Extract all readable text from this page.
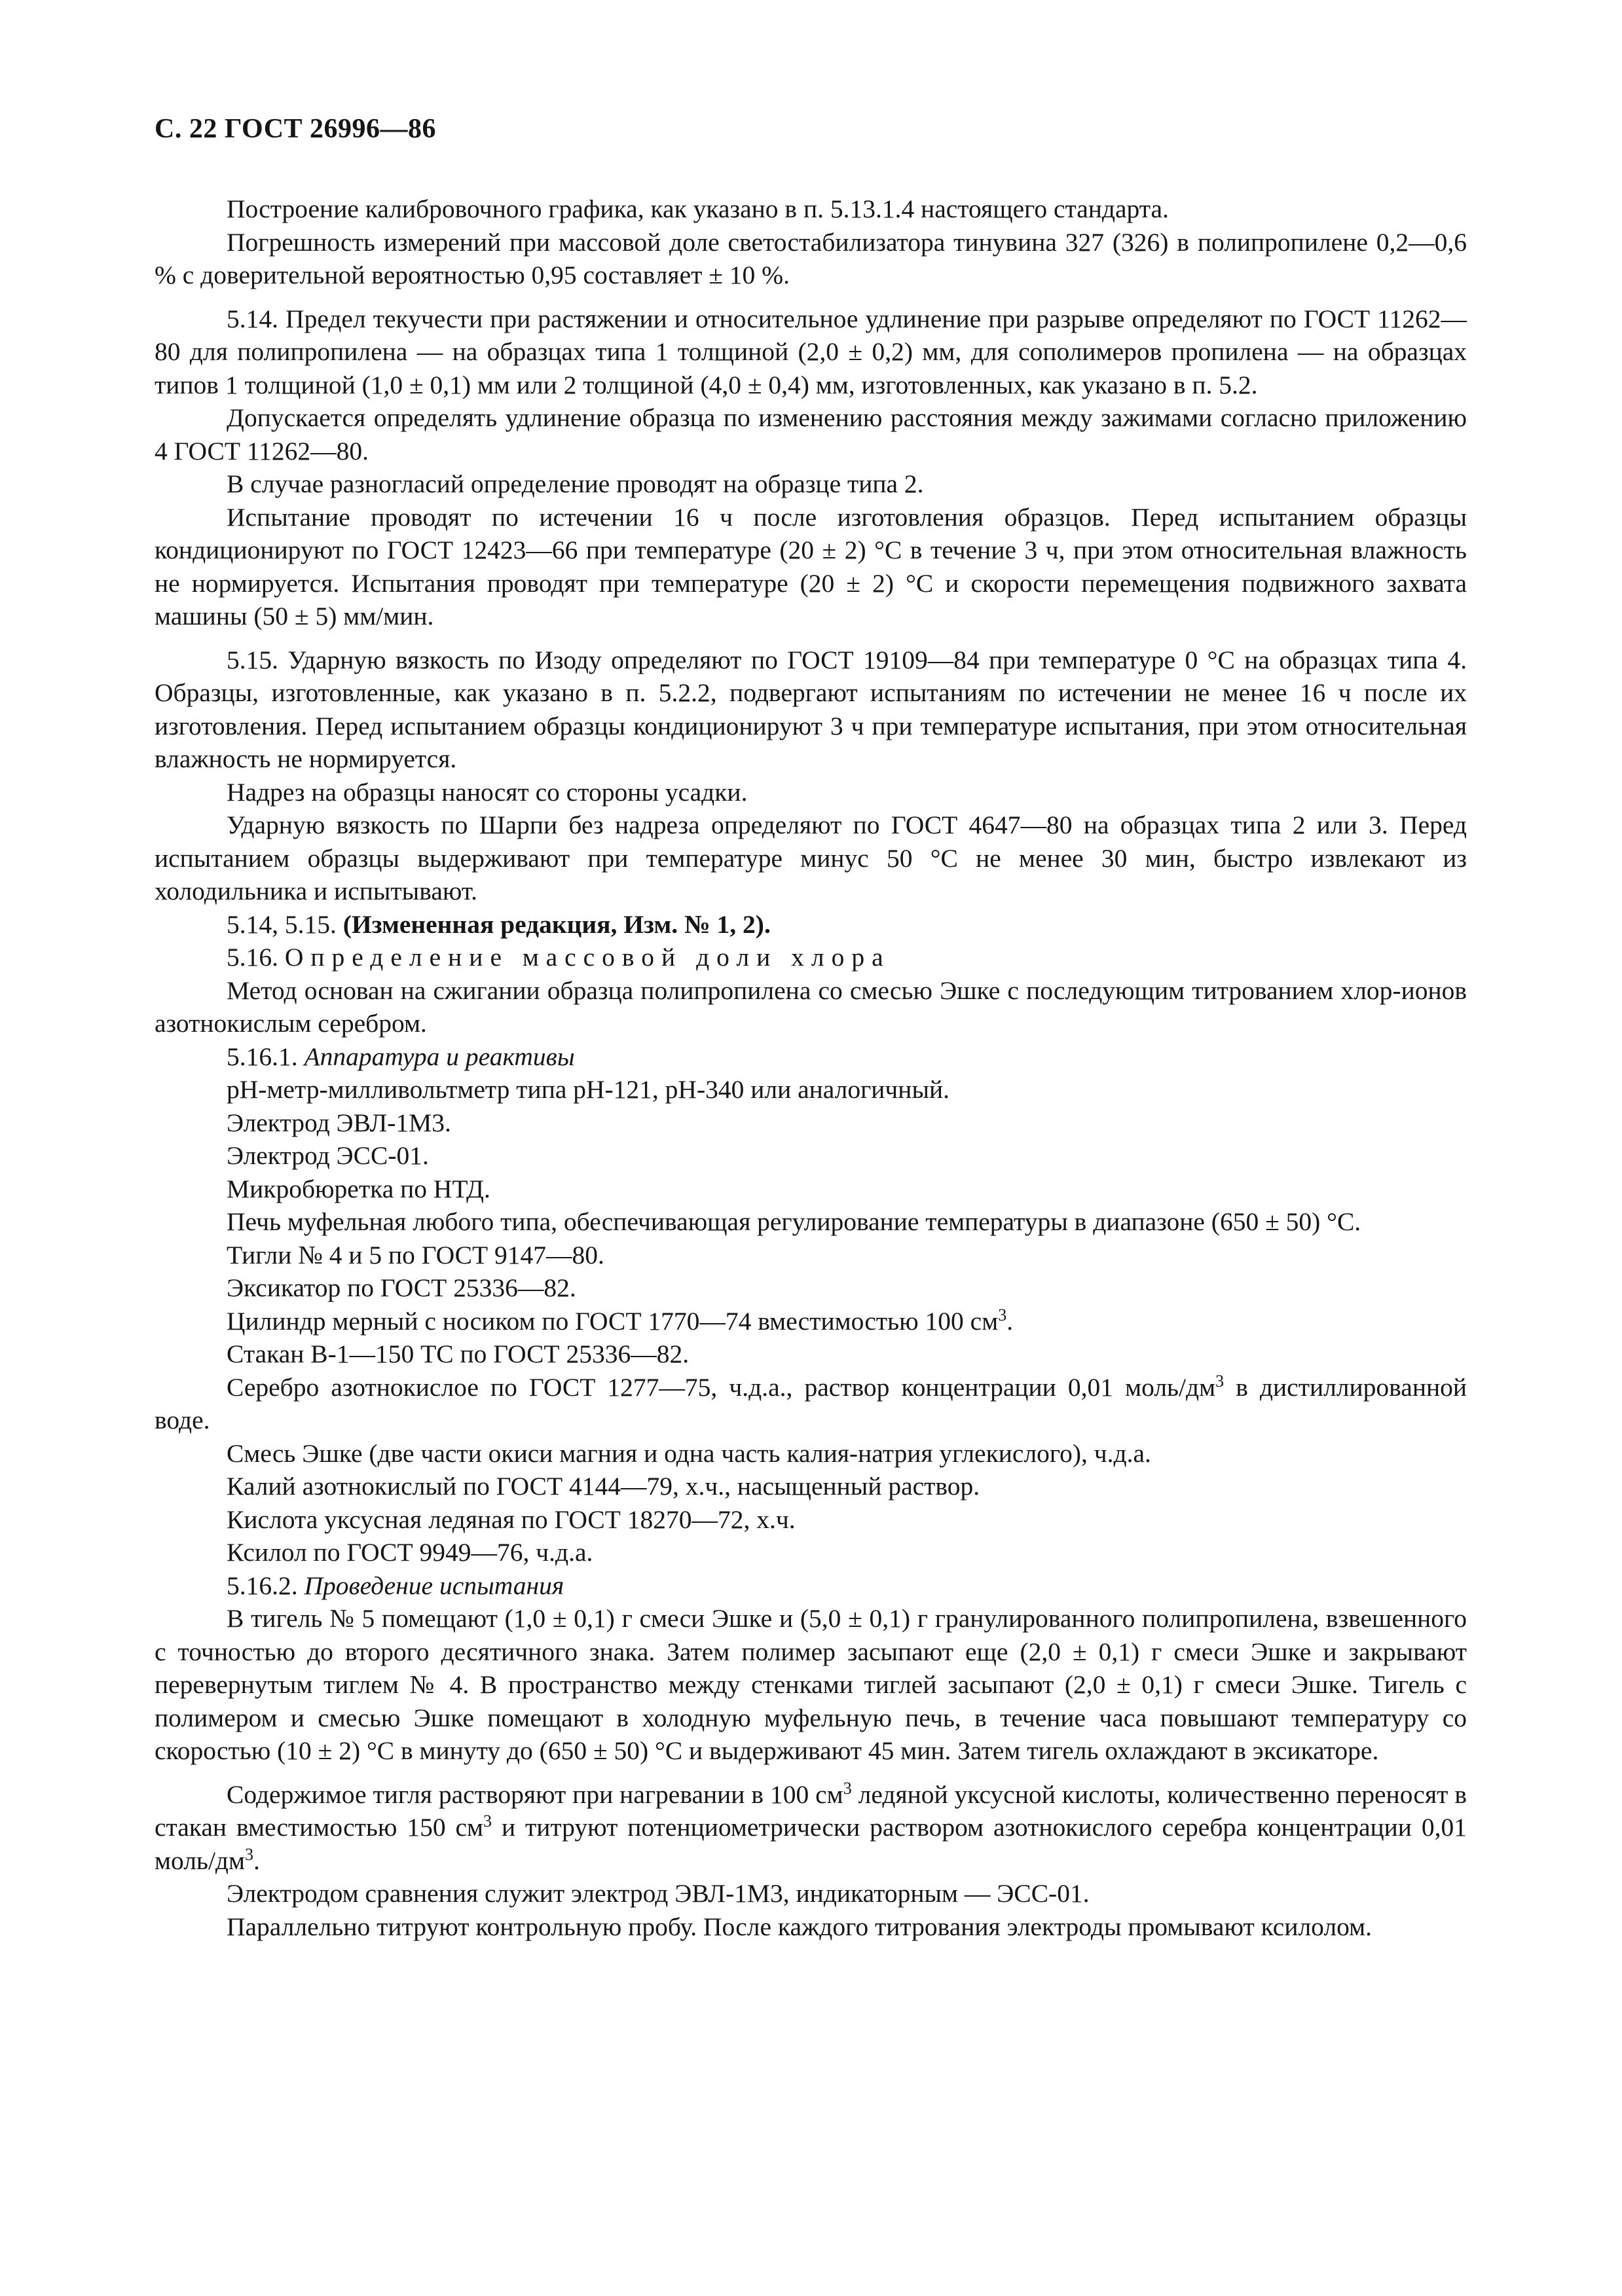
С. 22 ГОСТ 26996—86

Построение калибровочного графика, как указано в п. 5.13.1.4 настоящего стандарта.

Погрешность измерений при массовой доле светостабилизатора тинувина 327 (326) в полипропилене 0,2—0,6 % с доверительной вероятностью 0,95 составляет ± 10 %.

5.14. Предел текучести при растяжении и относительное удлинение при разрыве определяют по ГОСТ 11262—80 для полипропилена — на образцах типа 1 толщиной (2,0 ± 0,2) мм, для сополимеров пропилена — на образцах типов 1 толщиной (1,0 ± 0,1) мм или 2 толщиной (4,0 ± 0,4) мм, изготовленных, как указано в п. 5.2.

Допускается определять удлинение образца по изменению расстояния между зажимами согласно приложению 4 ГОСТ 11262—80.

В случае разногласий определение проводят на образце типа 2.

Испытание проводят по истечении 16 ч после изготовления образцов. Перед испытанием образцы кондиционируют по ГОСТ 12423—66 при температуре (20 ± 2) °С в течение 3 ч, при этом относительная влажность не нормируется. Испытания проводят при температуре (20 ± 2) °С и скорости перемещения подвижного захвата машины (50 ± 5) мм/мин.

5.15. Ударную вязкость по Изоду определяют по ГОСТ 19109—84 при температуре 0 °С на образцах типа 4. Образцы, изготовленные, как указано в п. 5.2.2, подвергают испытаниям по истечении не менее 16 ч после их изготовления. Перед испытанием образцы кондиционируют 3 ч при температуре испытания, при этом относительная влажность не нормируется.

Надрез на образцы наносят со стороны усадки.

Ударную вязкость по Шарпи без надреза определяют по ГОСТ 4647—80 на образцах типа 2 или 3. Перед испытанием образцы выдерживают при температуре минус 50 °С не менее 30 мин, быстро извлекают из холодильника и испытывают.

5.14, 5.15. (Измененная редакция, Изм. № 1, 2).

5.16. Определение массовой доли хлора

Метод основан на сжигании образца полипропилена со смесью Эшке с последующим титрованием хлор-ионов азотнокислым серебром.

5.16.1. Аппаратура и реактивы

рН-метр-милливольтметр типа рН-121, рН-340 или аналогичный.

Электрод ЭВЛ-1М3.

Электрод ЭСС-01.

Микробюретка по НТД.

Печь муфельная любого типа, обеспечивающая регулирование температуры в диапазоне (650 ± 50) °С.

Тигли № 4 и 5 по ГОСТ 9147—80.

Эксикатор по ГОСТ 25336—82.

Цилиндр мерный с носиком по ГОСТ 1770—74 вместимостью 100 $см^3$.

Стакан В-1—150 ТС по ГОСТ 25336—82.

Серебро азотнокислое по ГОСТ 1277—75, ч.д.а., раствор концентрации 0,01 моль/$дм^3$ в дистиллированной воде.

Смесь Эшке (две части окиси магния и одна часть калия-натрия углекислого), ч.д.а.

Калий азотнокислый по ГОСТ 4144—79, х.ч., насыщенный раствор.

Кислота уксусная ледяная по ГОСТ 18270—72, х.ч.

Ксилол по ГОСТ 9949—76, ч.д.а.

5.16.2. Проведение испытания

В тигель № 5 помещают (1,0 ± 0,1) г смеси Эшке и (5,0 ± 0,1) г гранулированного полипропилена, взвешенного с точностью до второго десятичного знака. Затем полимер засыпают еще (2,0 ± 0,1) г смеси Эшке и закрывают перевернутым тиглем № 4. В пространство между стенками тиглей засыпают (2,0 ± 0,1) г смеси Эшке. Тигель с полимером и смесью Эшке помещают в холодную муфельную печь, в течение часа повышают температуру со скоростью (10 ± 2) °С в минуту до (650 ± 50) °С и выдерживают 45 мин. Затем тигель охлаждают в эксикаторе.

Содержимое тигля растворяют при нагревании в 100 $см^3$ ледяной уксусной кислоты, количественно переносят в стакан вместимостью 150 $см^3$ и титруют потенциометрически раствором азотнокислого серебра концентрации 0,01 моль/$дм^3$.

Электродом сравнения служит электрод ЭВЛ-1М3, индикаторным — ЭСС-01.

Параллельно титруют контрольную пробу. После каждого титрования электроды промывают ксилолом.
